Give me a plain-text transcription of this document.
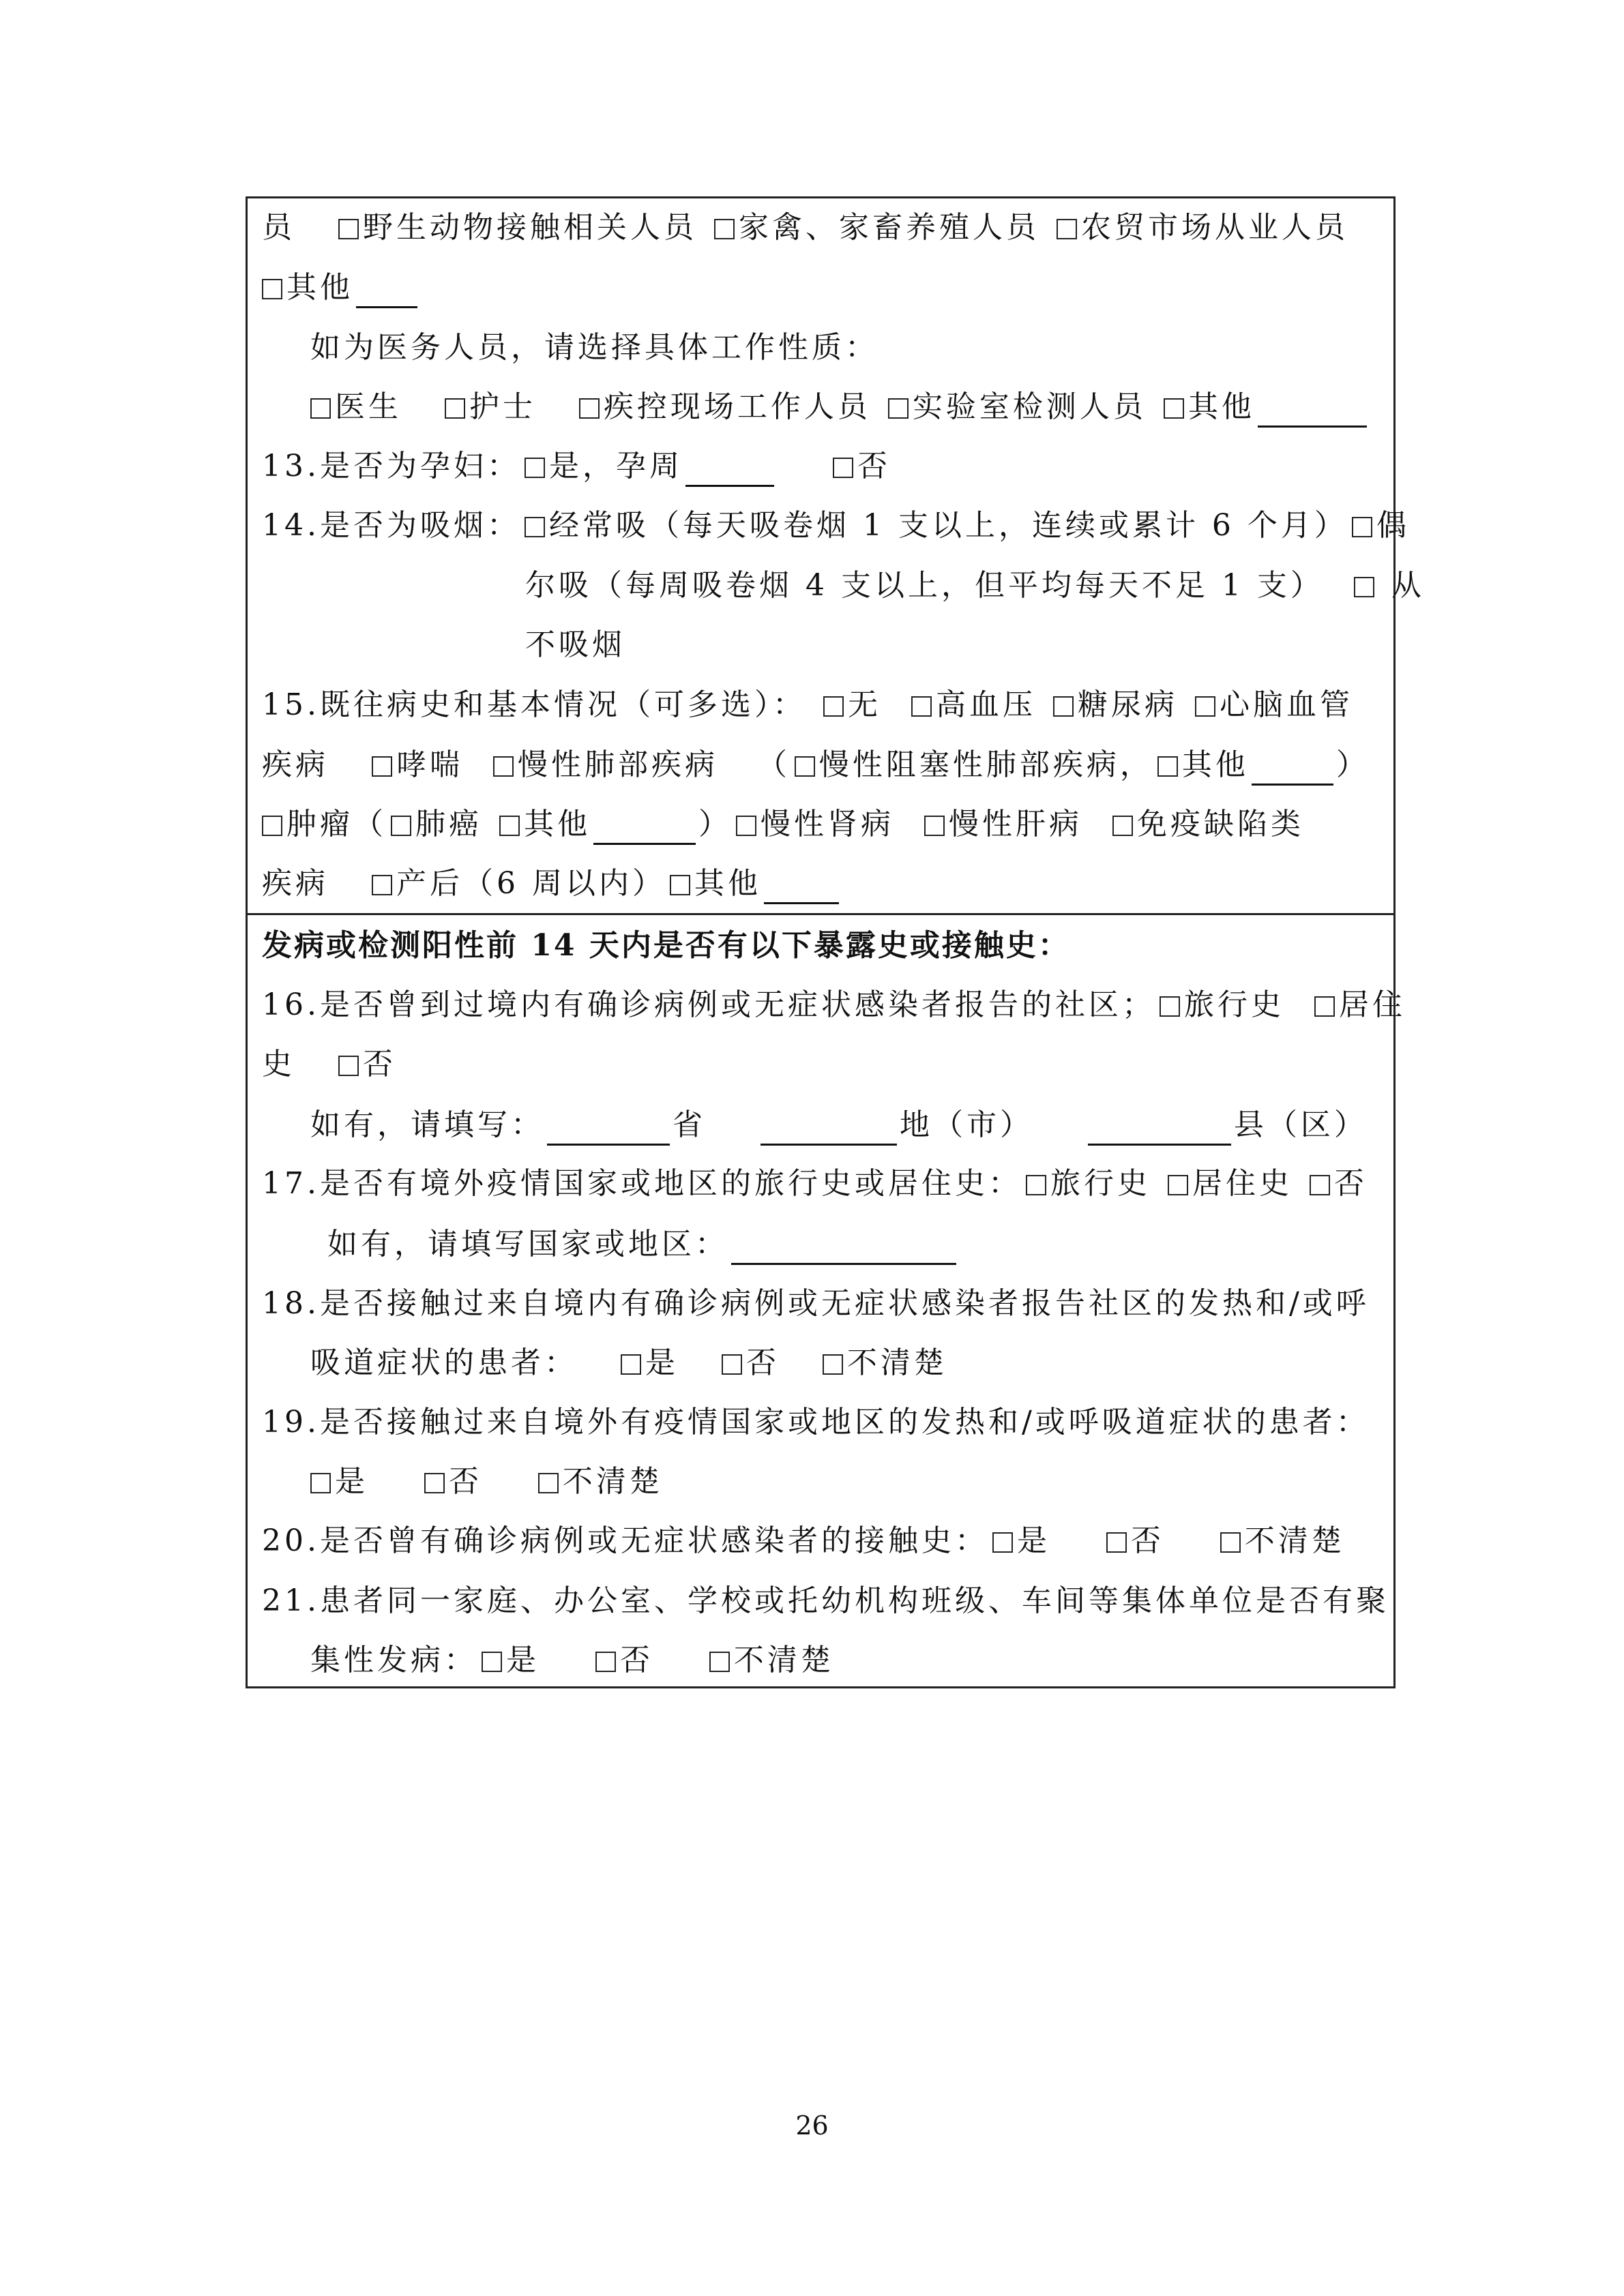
员 野生动物接触相关人员 家禽、家畜养殖人员 农贸市场从业人员
其他
如为医务人员，请选择具体工作性质：
医生 护士 疾控现场工作人员 实验室检测人员 其他
13.是否为孕妇： 是，孕周	否
14.是否为吸烟： 经常吸（每天吸卷烟 1 支以上，连续或累计 6 个月） 偶
尔吸（每周吸卷烟 4 支以上，但平均每天不足 1 支） 从
不吸烟
15.既往病史和基本情况（可多选）： 无 高血压 糖尿病 心脑血管
疾病 哮喘 慢性肺部疾病 （ 慢性阻塞性肺部疾病， 其他	）
肿瘤（ 肺癌 其他	） 慢性肾病 慢性肝病 免疫缺陷类
疾病 产后（6 周以内） 其他
发病或检测阳性前 14 天内是否有以下暴露史或接触史：
16.是否曾到过境内有确诊病例或无症状感染者报告的社区； 旅行史 居住
史 否
如有，请填写：	省	地（市）	县（区）
17.是否有境外疫情国家或地区的旅行史或居住史： 旅行史 居住史 否
如有，请填写国家或地区：
18.是否接触过来自境内有确诊病例或无症状感染者报告社区的发热和/或呼
吸道症状的患者： 是 否 不清楚
19.是否接触过来自境外有疫情国家或地区的发热和/或呼吸道症状的患者：
是	否	不清楚
20.是否曾有确诊病例或无症状感染者的接触史： 是	否	不清楚
21.患者同一家庭、办公室、学校或托幼机构班级、车间等集体单位是否有聚
集性发病： 是	否	不清楚
26
